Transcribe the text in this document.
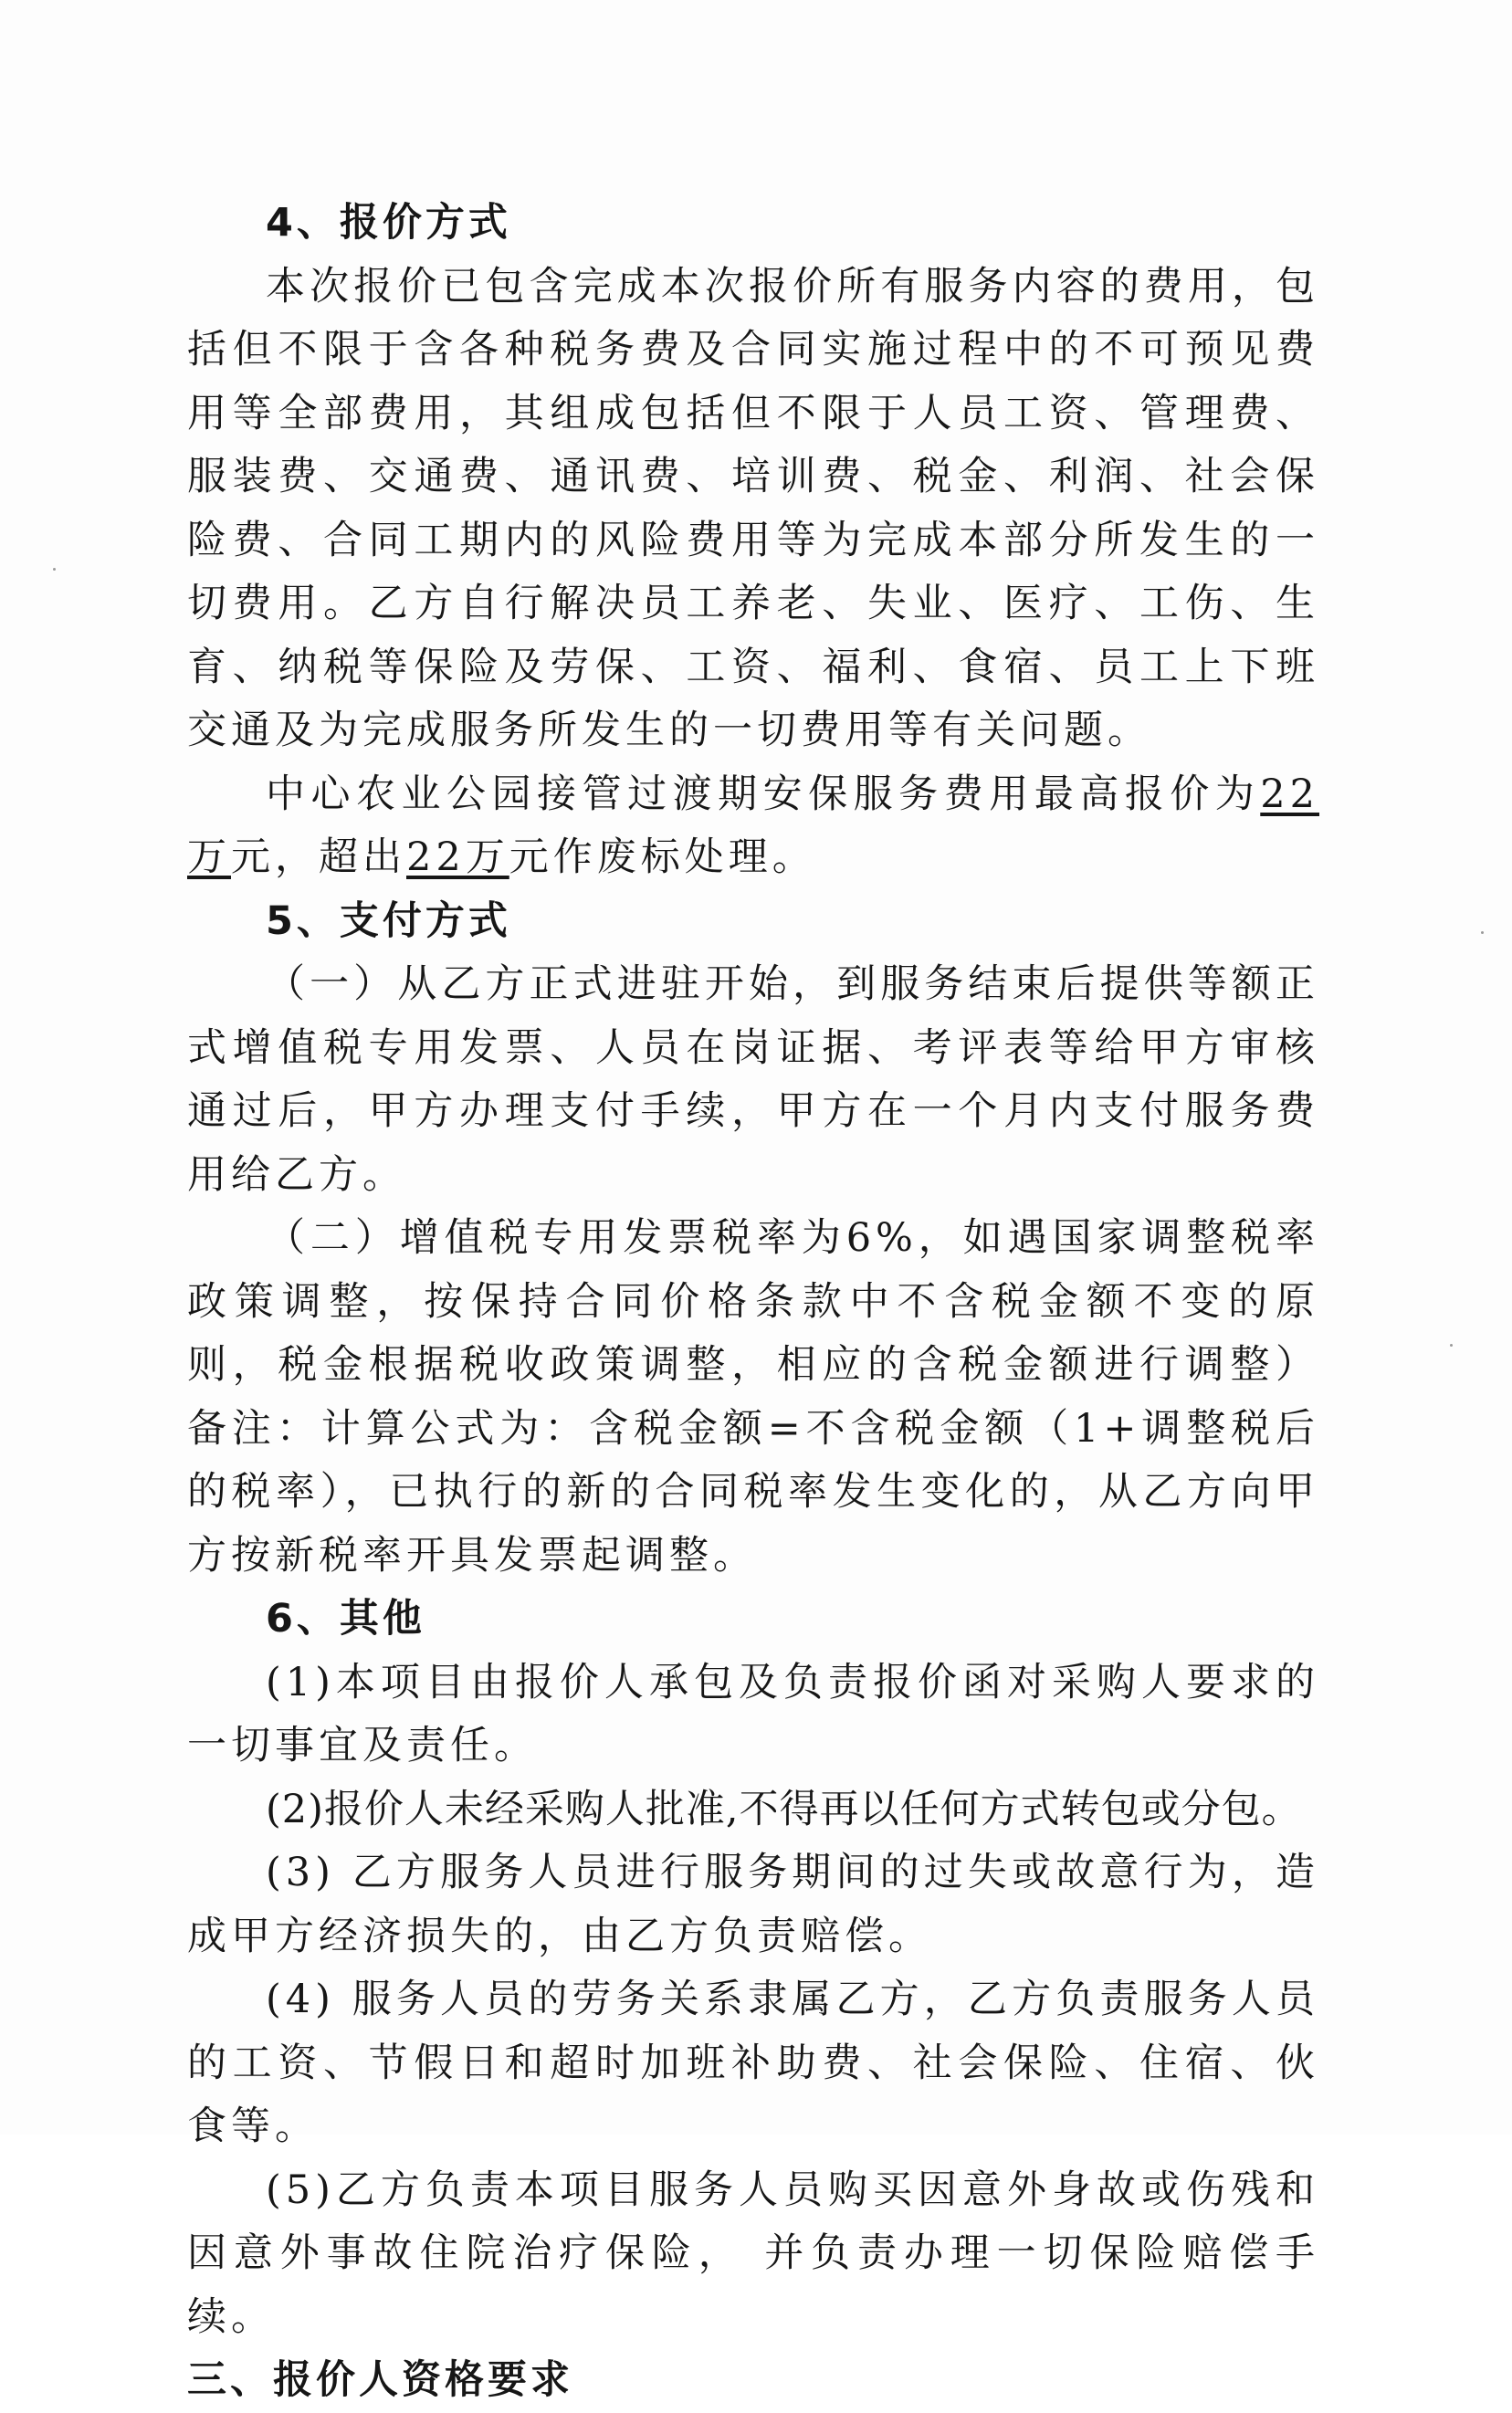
4、报价方式

本次报价已包含完成本次报价所有服务内容的费用，包括但不限于含各种税务费及合同实施过程中的不可预见费用等全部费用，其组成包括但不限于人员工资、管理费、服装费、交通费、通讯费、培训费、税金、利润、社会保险费、合同工期内的风险费用等为完成本部分所发生的一切费用。乙方自行解决员工养老、失业、医疗、工伤、生 育、纳税等保险及劳保、工资、福利、食宿、员工上下班交通及为完成服务所发生的一切费用等有关问题。

中心农业公园接管过渡期安保服务费用最高报价为22万元，超出22万元作废标处理。

5、支付方式

（一）从乙方正式进驻开始，到服务结束后提供等额正式增值税专用发票、人员在岗证据、考评表等给甲方审核通过后，甲方办理支付手续，甲方在一个月内支付服务费用给乙方。

（二）增值税专用发票税率为6%，如遇国家调整税率政策调整，按保持合同价格条款中不含税金额不变的原则，税金根据税收政策调整，相应的含税金额进行调整）备注：计算公式为：含税金额=不含税金额（1+调整税后的税率），已执行的新的合同税率发生变化的，从乙方向甲方按新税率开具发票起调整。

6、其他

(1)本项目由报价人承包及负责报价函对采购人要求的一切事宜及责任。

(2)报价人未经采购人批准,不得再以任何方式转包或分包。

(3) 乙方服务人员进行服务期间的过失或故意行为，造成甲方经济损失的，由乙方负责赔偿。

(4) 服务人员的劳务关系隶属乙方，乙方负责服务人员的工资、节假日和超时加班补助费、社会保险、住宿、伙食等。

(5)乙方负责本项目服务人员购买因意外身故或伤残和因意外事故住院治疗保险， 并负责办理一切保险赔偿手续。

三、报价人资格要求
